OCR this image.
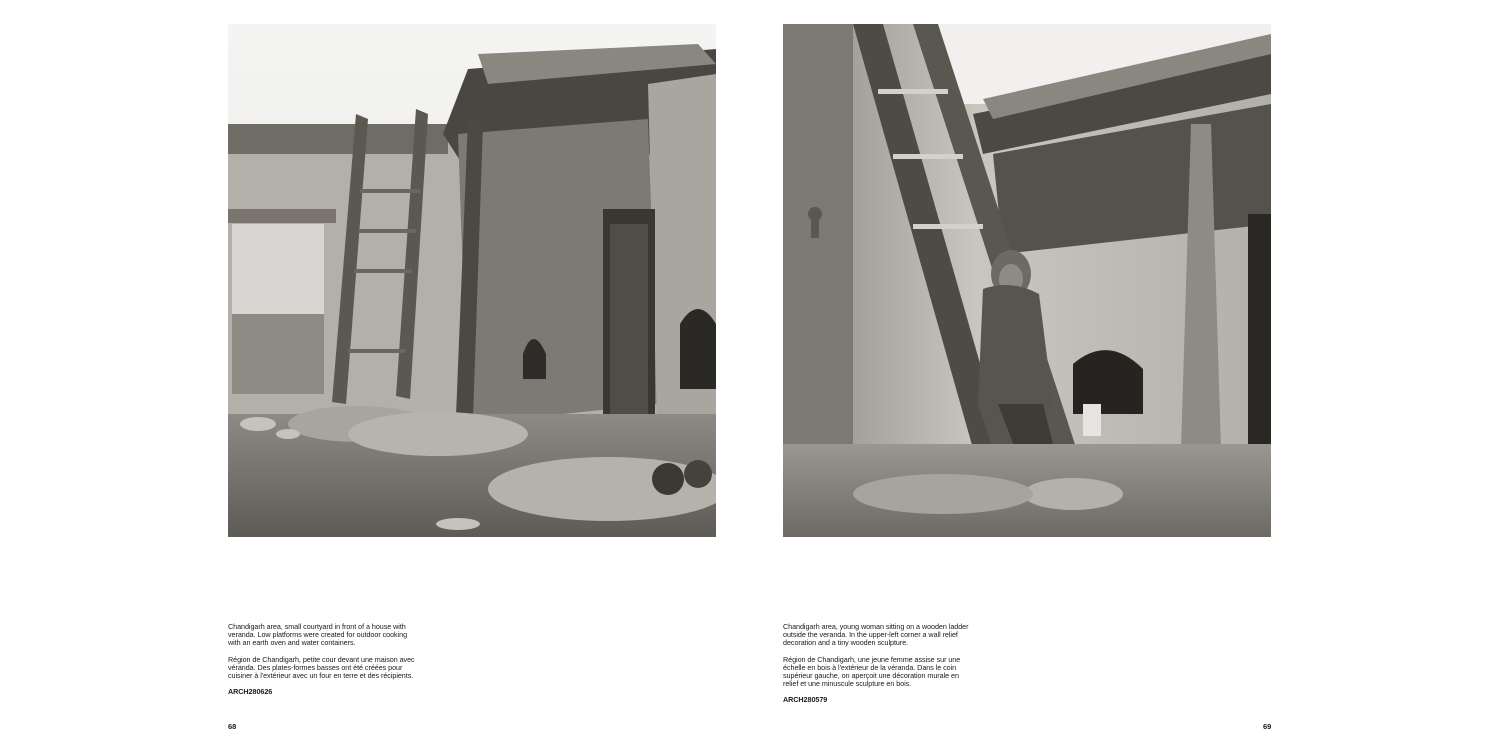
Chandigarh area, small courtyard in front of a house with veranda. Low platforms were created for outdoor cooking with an earth oven and water containers.

Région de Chandigarh, petite cour devant une maison avec véranda. Des plates-formes basses ont été créées pour cuisiner à l'extérieur avec un four en terre et des récipients.

ARCH280626

68

Chandigarh area, young woman sitting on a wooden ladder outside the veranda. In the upper-left corner a wall relief decoration and a tiny wooden sculpture.

Région de Chandigarh, une jeune femme assise sur une échelle en bois à l'extérieur de la véranda. Dans le coin supérieur gauche, on aperçoit une décoration murale en relief et une minuscule sculpture en bois.

ARCH280579

69
